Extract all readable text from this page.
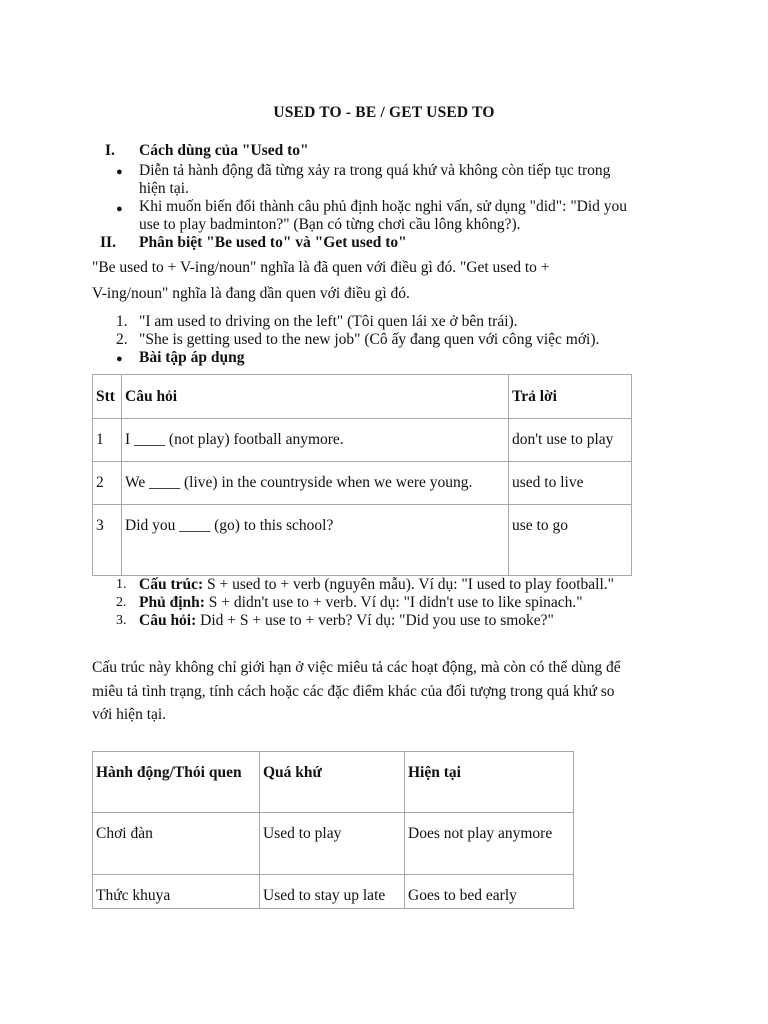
USED TO - BE / GET USED TO
I. Cách dùng của "Used to"
● Diễn tả hành động đã từng xảy ra trong quá khứ và không còn tiếp tục trong
hiện tại.
● Khi muốn biến đổi thành câu phủ định hoặc nghi vấn, sử dụng "did": "Did you
use to play badminton?" (Bạn có từng chơi cầu lông không?).
II. Phân biệt "Be used to" và "Get used to"
"Be used to + V-ing/noun" nghĩa là đã quen với điều gì đó. "Get used to +
V-ing/noun" nghĩa là đang dần quen với điều gì đó.
1. "I am used to driving on the left" (Tôi quen lái xe ở bên trái).
2. "She is getting used to the new job" (Cô ấy đang quen với công việc mới).
● Bài tập áp dụng
Stt	Câu hỏi	Trả lời
1	I ____ (not play) football anymore.	don't use to play
2	We ____ (live) in the countryside when we were young.	used to live
3	Did you ____ (go) to this school?	use to go
1. Cấu trúc: S + used to + verb (nguyên mẫu). Ví dụ: "I used to play football."
2. Phủ định: S + didn't use to + verb. Ví dụ: "I didn't use to like spinach."
3. Câu hỏi: Did + S + use to + verb? Ví dụ: "Did you use to smoke?"
Cấu trúc này không chỉ giới hạn ở việc miêu tả các hoạt động, mà còn có thể dùng để
miêu tả tình trạng, tính cách hoặc các đặc điểm khác của đối tượng trong quá khứ so
với hiện tại.
Hành động/Thói quen	Quá khứ	Hiện tại
Chơi đàn	Used to play	Does not play anymore
Thức khuya	Used to stay up late	Goes to bed early
